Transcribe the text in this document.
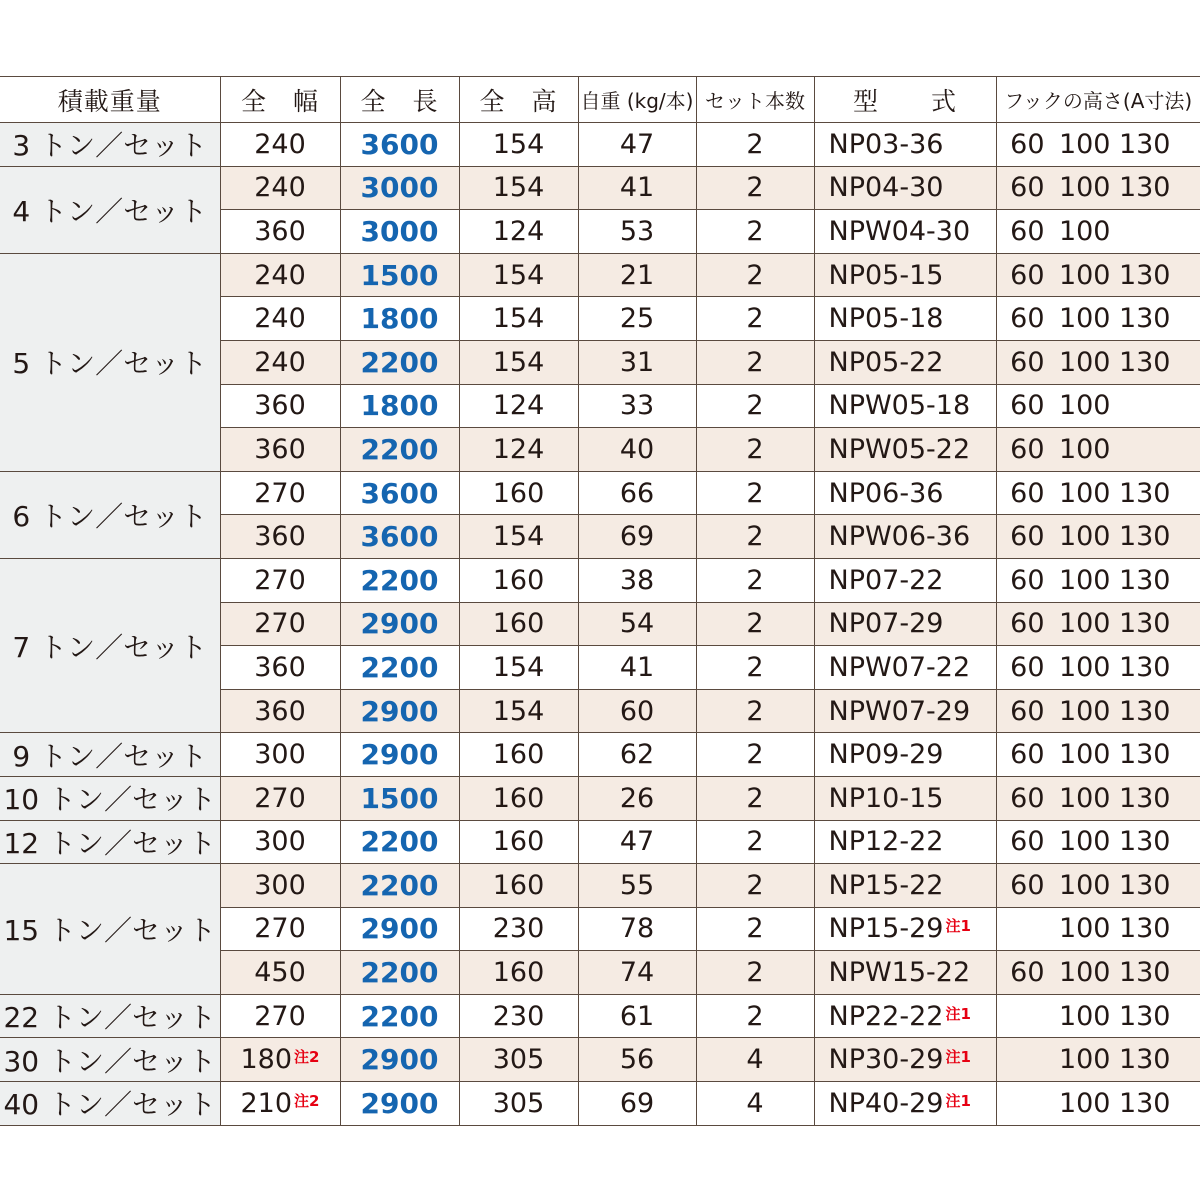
積載重量	全　幅	全　長	全　高	自重 (kg/本)	セット本数	型　　式	フックの高さ(A寸法)
3 トン／セット	240	3600	154	47	2	NP03-36	60 100 130
4 トン／セット	240	3000	154	41	2	NP04-30	60 100 130
	360	3000	124	53	2	NPW04-30	60 100
5 トン／セット	240	1500	154	21	2	NP05-15	60 100 130
	240	1800	154	25	2	NP05-18	60 100 130
	240	2200	154	31	2	NP05-22	60 100 130
	360	1800	124	33	2	NPW05-18	60 100
	360	2200	124	40	2	NPW05-22	60 100
6 トン／セット	270	3600	160	66	2	NP06-36	60 100 130
	360	3600	154	69	2	NPW06-36	60 100 130
7 トン／セット	270	2200	160	38	2	NP07-22	60 100 130
	270	2900	160	54	2	NP07-29	60 100 130
	360	2200	154	41	2	NPW07-22	60 100 130
	360	2900	154	60	2	NPW07-29	60 100 130
9 トン／セット	300	2900	160	62	2	NP09-29	60 100 130
10 トン／セット	270	1500	160	26	2	NP10-15	60 100 130
12 トン／セット	300	2200	160	47	2	NP12-22	60 100 130
15 トン／セット	300	2200	160	55	2	NP15-22	60 100 130
	270	2900	230	78	2	NP15-29 $^{注1}$	100 130
	450	2200	160	74	2	NPW15-22	60 100 130
22 トン／セット	270	2200	230	61	2	NP22-22 $^{注1}$	100 130
30 トン／セット	180 $^{注2}$	2900	305	56	4	NP30-29 $^{注1}$	100 130
40 トン／セット	210 $^{注2}$	2900	305	69	4	NP40-29 $^{注1}$	100 130
